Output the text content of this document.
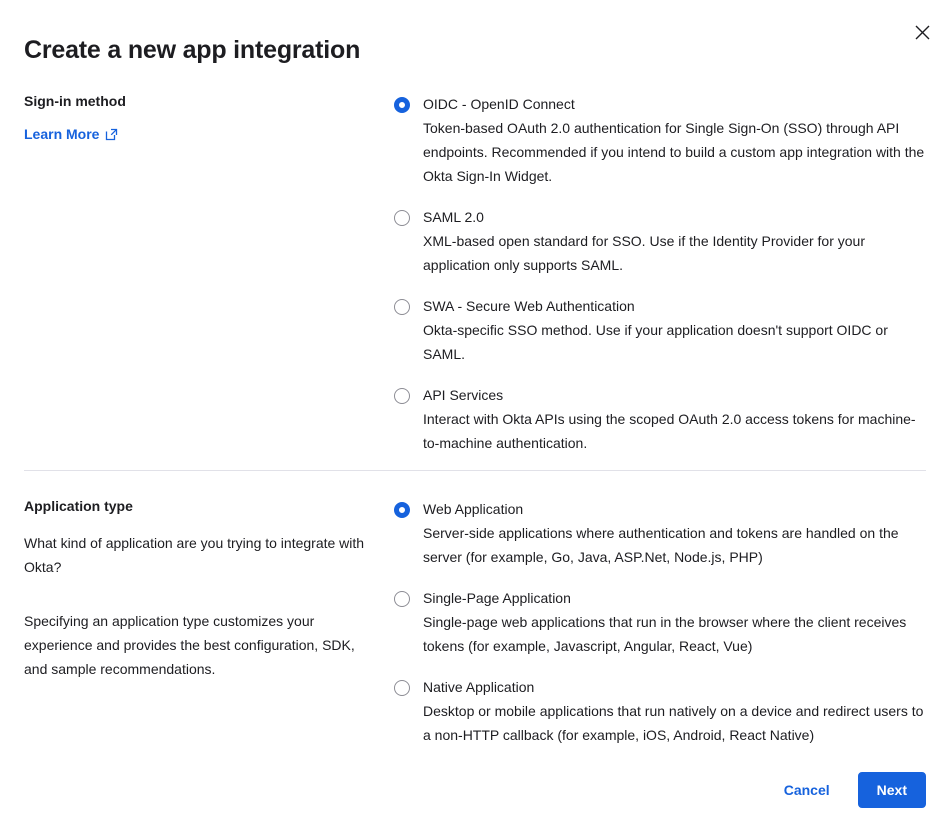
Create a new app integration

Sign-in method

Learn More
OIDC - OpenID Connect
Token-based OAuth 2.0 authentication for Single Sign-On (SSO) through API endpoints. Recommended if you intend to build a custom app integration with the Okta Sign-In Widget.
SAML 2.0
XML-based open standard for SSO. Use if the Identity Provider for your application only supports SAML.
SWA - Secure Web Authentication
Okta-specific SSO method. Use if your application doesn't support OIDC or SAML.
API Services
Interact with Okta APIs using the scoped OAuth 2.0 access tokens for machine-to-machine authentication.

Application type

What kind of application are you trying to integrate with Okta?

Specifying an application type customizes your experience and provides the best configuration, SDK, and sample recommendations.

Web Application
Server-side applications where authentication and tokens are handled on the server (for example, Go, Java, ASP.Net, Node.js, PHP)
Single-Page Application
Single-page web applications that run in the browser where the client receives tokens (for example, Javascript, Angular, React, Vue)
Native Application
Desktop or mobile applications that run natively on a device and redirect users to a non-HTTP callback (for example, iOS, Android, React Native)
Cancel	Next
